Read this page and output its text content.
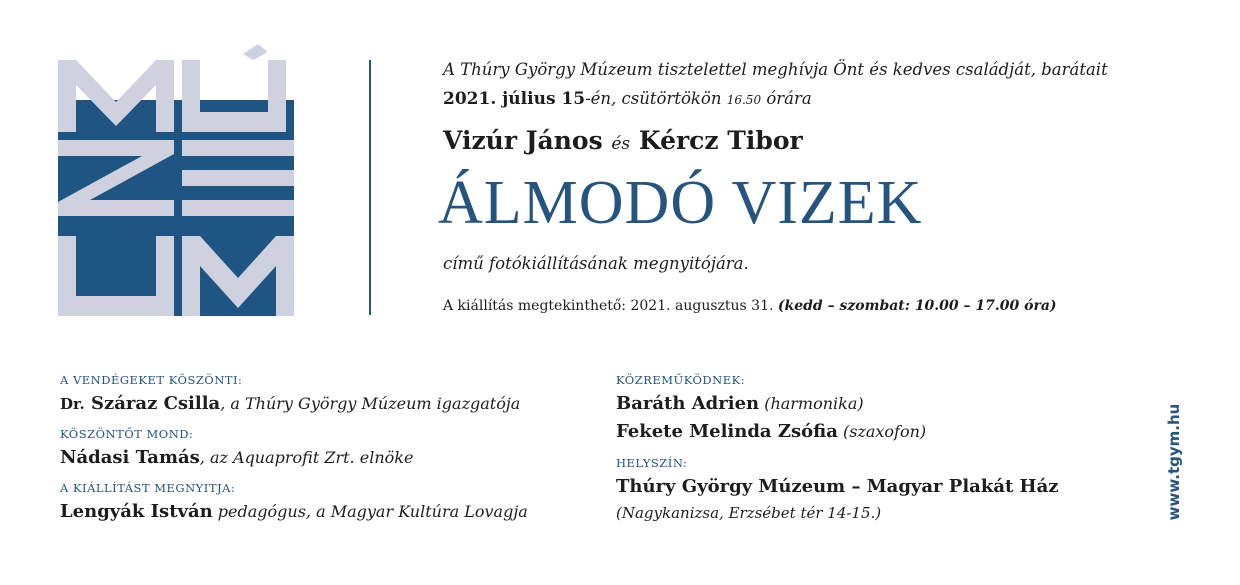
A Thúry György Múzeum tisztelettel meghívja Önt és kedves családját, barátait
2021. július 15-én, csütörtökön 16.50 órára
Vizúr János és Kércz Tibor
ÁLMODÓ VIZEK
című fotókiállításának megnyitójára.
A kiállítás megtekinthető: 2021. augusztus 31. (kedd – szombat: 10.00 – 17.00 óra)
A VENDÉGEKET KÖSZÖNTI:
Dr. Száraz Csilla, a Thúry György Múzeum igazgatója
KÖSZÖNTŐT MOND:
Nádasi Tamás, az Aquaprofit Zrt. elnöke
A KIÁLLÍTÁST MEGNYITJA:
Lengyák István pedagógus, a Magyar Kultúra Lovagja
KÖZREMŰKÖDNEK:
Baráth Adrien (harmonika)
Fekete Melinda Zsófia (szaxofon)
HELYSZÍN:
Thúry György Múzeum – Magyar Plakát Ház
(Nagykanizsa, Erzsébet tér 14-15.)	www.tgym.hu
